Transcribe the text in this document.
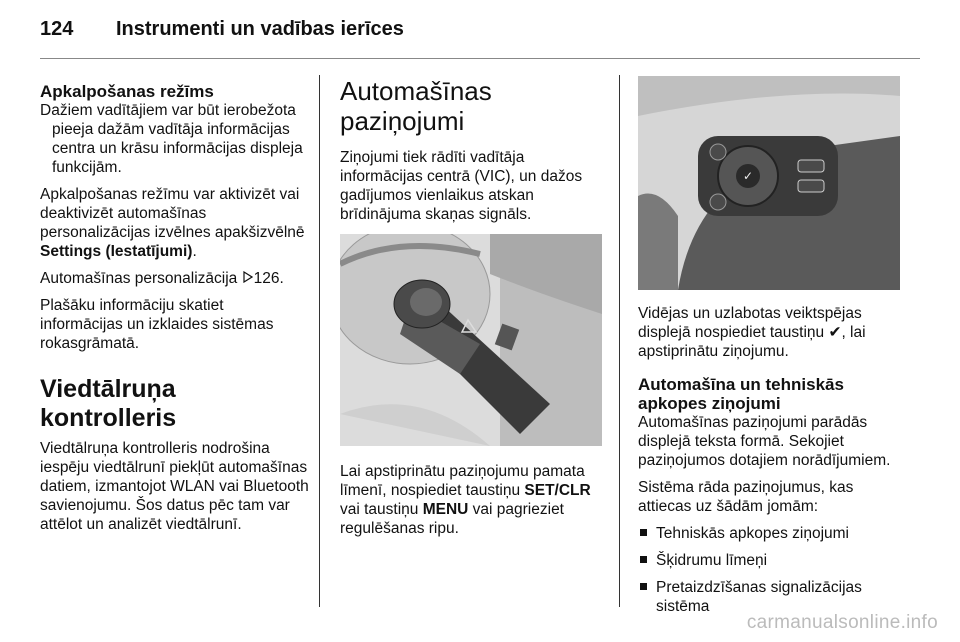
124 Instrumenti un vadības ierīces
Apkalpošanas režīms

Dažiem vadītājiem var būt ierobežota pieeja dažām vadītāja informācijas centra un krāsu informācijas displeja funkcijām.

Apkalpošanas režīmu var aktivizēt vai deaktivizēt automašīnas personalizācijas izvēlnes apakšizvēlnē Settings (Iestatījumi).

Automašīnas personalizācija 126.

Plašāku informāciju skatiet informācijas un izklaides sistēmas rokasgrāmatā.

Viedtālruņa kontrolleris

Viedtālruņa kontrolleris nodrošina iespēju viedtālrunī piekļūt automašīnas datiem, izmantojot WLAN vai Bluetooth savienojumu. Šos datus pēc tam var attēlot un analizēt viedtālrunī.

Automašīnas paziņojumi

Ziņojumi tiek rādīti vadītāja informācijas centrā (VIC), un dažos gadījumos vienlaikus atskan brīdinājuma skaņas signāls.

Lai apstiprinātu paziņojumu pamata līmenī, nospiediet taustiņu SET/CLR vai taustiņu MENU vai pagrieziet regulēšanas ripu.

✓

Vidējas un uzlabotas veiktspējas displejā nospiediet taustiņu ✔, lai apstiprinātu ziņojumu.

Automašīna un tehniskās apkopes ziņojumi

Automašīnas paziņojumi parādās displejā teksta formā. Sekojiet paziņojumos dotajiem norādījumiem.

Sistēma rāda paziņojumus, kas attiecas uz šādām jomām:

Tehniskās apkopes ziņojumi
Šķidrumu līmeņi
Pretaizdzīšanas signalizācijas sistēma
carmanualsonline.info
